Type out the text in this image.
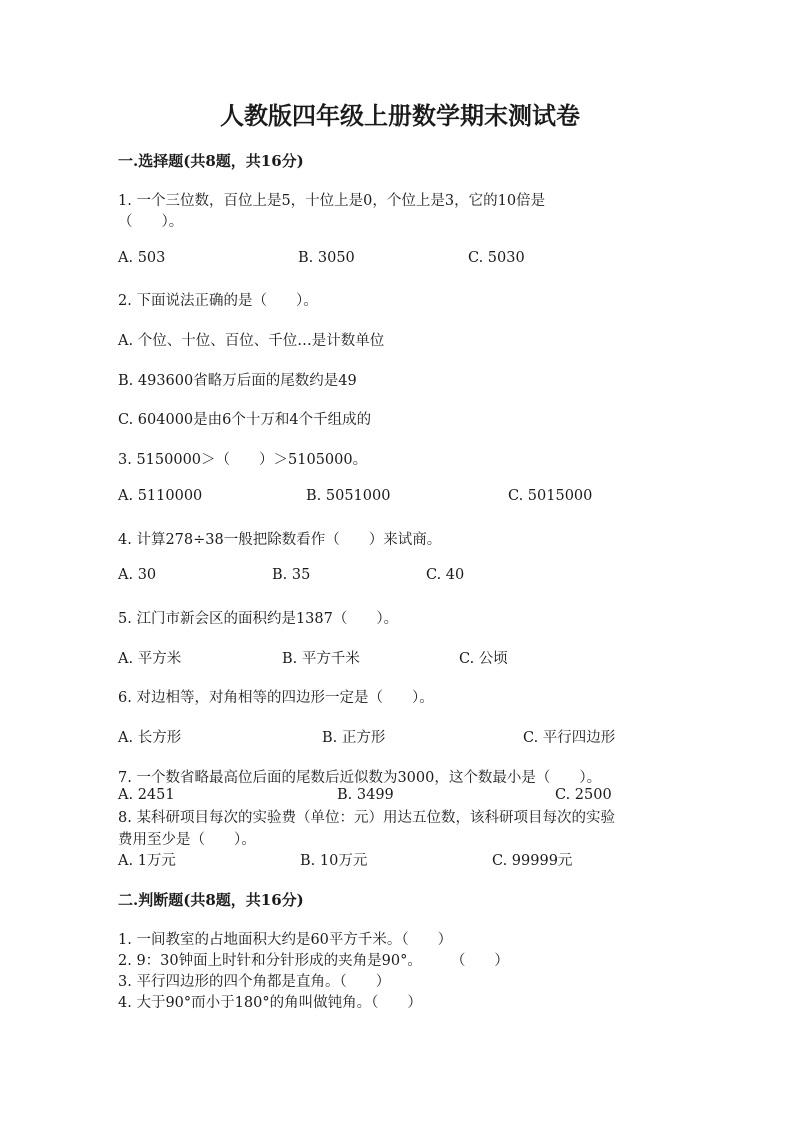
人教版四年级上册数学期末测试卷
一.选择题(共8题，共16分)
1. 一个三位数，百位上是5，十位上是0，个位上是3，它的10倍是
（　　）。
A. 503	B. 3050	C. 5030
2. 下面说法正确的是（　　）。
A. 个位、十位、百位、千位…是计数单位
B. 493600省略万后面的尾数约是49
C. 604000是由6个十万和4个千组成的
3. 5150000＞（　　）＞5105000。
A. 5110000	B. 5051000	C. 5015000
4. 计算278÷38一般把除数看作（　　）来试商。
A. 30	B. 35	C. 40
5. 江门市新会区的面积约是1387（　　）。
A. 平方米	B. 平方千米	C. 公顷
6. 对边相等，对角相等的四边形一定是（　　）。
A. 长方形	B. 正方形	C. 平行四边形
7. 一个数省略最高位后面的尾数后近似数为3000，这个数最小是（　　）。
A. 2451	B. 3499	C. 2500
8. 某科研项目每次的实验费（单位：元）用达五位数，该科研项目每次的实验
费用至少是（　　）。
A. 1万元	B. 10万元	C. 99999元
二.判断题(共8题，共16分)
1. 一间教室的占地面积大约是60平方千米。（　　）
2. 9：30钟面上时针和分针形成的夹角是90°。　　　（　　）
3. 平行四边形的四个角都是直角。（　　）
4. 大于90°而小于180°的角叫做钝角。（　　）
